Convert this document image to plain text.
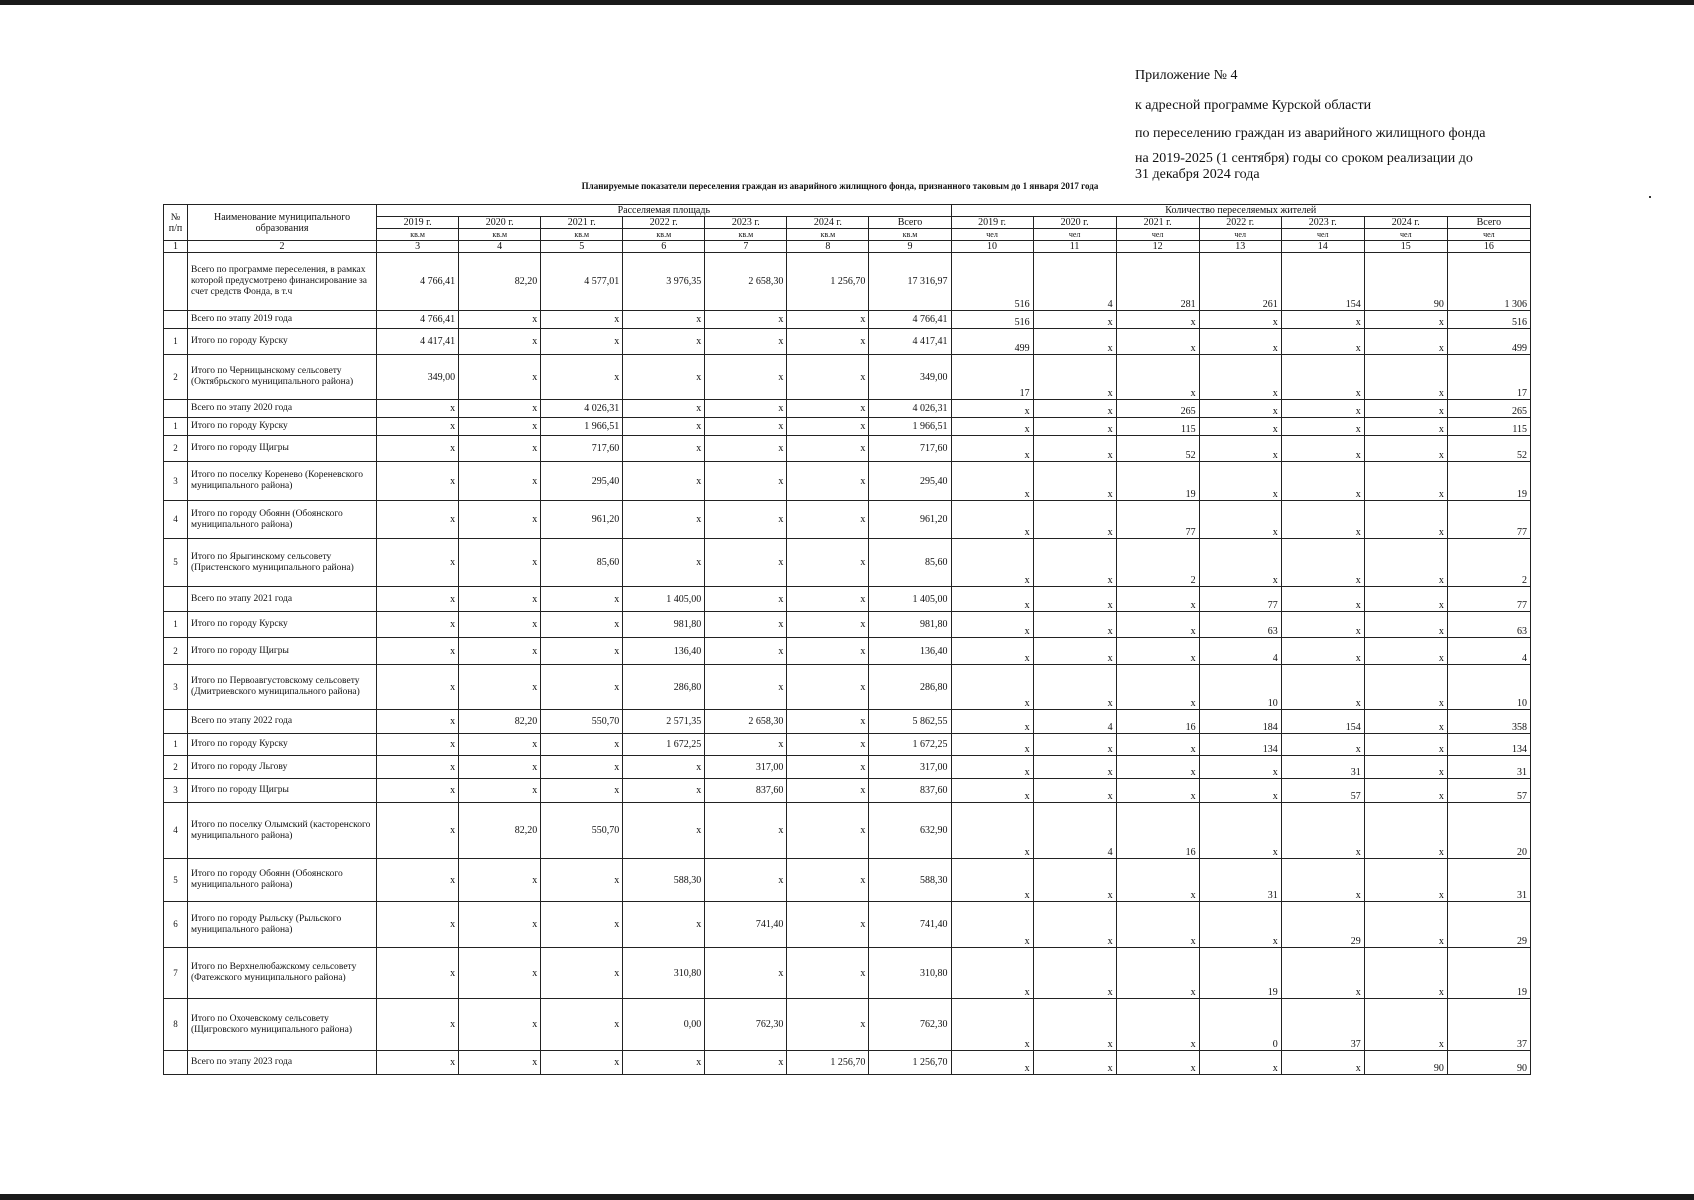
Приложение № 4
к адресной программе Курской области
по переселению граждан из аварийного жилищного фонда
на 2019-2025 (1 сентября) годы со сроком реализации до
31 декабря 2024 года
Планируемые показатели переселения граждан из аварийного жилищного фонда, признанного таковым до 1 января 2017 года
№ п/п	Наименование муниципального образования	Расселяемая площадь							Количество переселяемых жителей						
		2019 г.	2020 г.	2021 г.	2022 г.	2023 г.	2024 г.	Всего	2019 г.	2020 г.	2021 г.	2022 г.	2023 г.	2024 г.	Всего
		кв.м	кв.м	кв.м	кв.м	кв.м	кв.м	кв.м	чел	чел	чел	чел	чел	чел	чел
1	2	3	4	5	6	7	8	9	10	11	12	13	14	15	16
	Всего по программе переселения, в рамках которой предусмотрено финансирование за счет средств Фонда, в т.ч	4 766,41	82,20	4 577,01	3 976,35	2 658,30	1 256,70	17 316,97	516	4	281	261	154	90	1 306
	Всего по этапу 2019 года	4 766,41	x	x	x	x	x	4 766,41	516	x	x	x	x	x	516
1	Итого по городу Курску	4 417,41	x	x	x	x	x	4 417,41	499	x	x	x	x	x	499
2	Итого по Черницынскому сельсовету (Октябрьского муниципального района)	349,00	x	x	x	x	x	349,00	17	x	x	x	x	x	17
	Всего по этапу 2020 года	x	x	4 026,31	x	x	x	4 026,31	x	x	265	x	x	x	265
1	Итого по городу Курску	x	x	1 966,51	x	x	x	1 966,51	x	x	115	x	x	x	115
2	Итого по городу Щигры	x	x	717,60	x	x	x	717,60	x	x	52	x	x	x	52
3	Итого по поселку Коренево (Кореневского муниципального района)	x	x	295,40	x	x	x	295,40	x	x	19	x	x	x	19
4	Итого по городу Обоянн (Обоянского муниципального района)	x	x	961,20	x	x	x	961,20	x	x	77	x	x	x	77
5	Итого по Ярыгинскому сельсовету (Пристенского муниципального района)	x	x	85,60	x	x	x	85,60	x	x	2	x	x	x	2
	Всего по этапу 2021 года	x	x	x	1 405,00	x	x	1 405,00	x	x	x	77	x	x	77
1	Итого по городу Курску	x	x	x	981,80	x	x	981,80	x	x	x	63	x	x	63
2	Итого по городу Щигры	x	x	x	136,40	x	x	136,40	x	x	x	4	x	x	4
3	Итого по Первоавгустовскому сельсовету (Дмитриевского муниципального района)	x	x	x	286,80	x	x	286,80	x	x	x	10	x	x	10
	Всего по этапу 2022 года	x	82,20	550,70	2 571,35	2 658,30	x	5 862,55	x	4	16	184	154	x	358
1	Итого по городу Курску	x	x	x	1 672,25	x	x	1 672,25	x	x	x	134	x	x	134
2	Итого по городу Льгову	x	x	x	x	317,00	x	317,00	x	x	x	x	31	x	31
3	Итого по городу Щигры	x	x	x	x	837,60	x	837,60	x	x	x	x	57	x	57
4	Итого по поселку Олымский (касторенского муниципального района)	x	82,20	550,70	x	x	x	632,90	x	4	16	x	x	x	20
5	Итого по городу Обоянн (Обоянского муниципального района)	x	x	x	588,30	x	x	588,30	x	x	x	31	x	x	31
6	Итого по городу Рыльску (Рыльского муниципального района)	x	x	x	x	741,40	x	741,40	x	x	x	x	29	x	29
7	Итого по Верхнелюбажскому сельсовету (Фатежского муниципального района)	x	x	x	310,80	x	x	310,80	x	x	x	19	x	x	19
8	Итого по Охочевскому сельсовету (Щигровского муниципального района)	x	x	x	0,00	762,30	x	762,30	x	x	x	0	37	x	37
	Всего по этапу 2023 года	x	x	x	x	x	1 256,70	1 256,70	x	x	x	x	x	90	90
